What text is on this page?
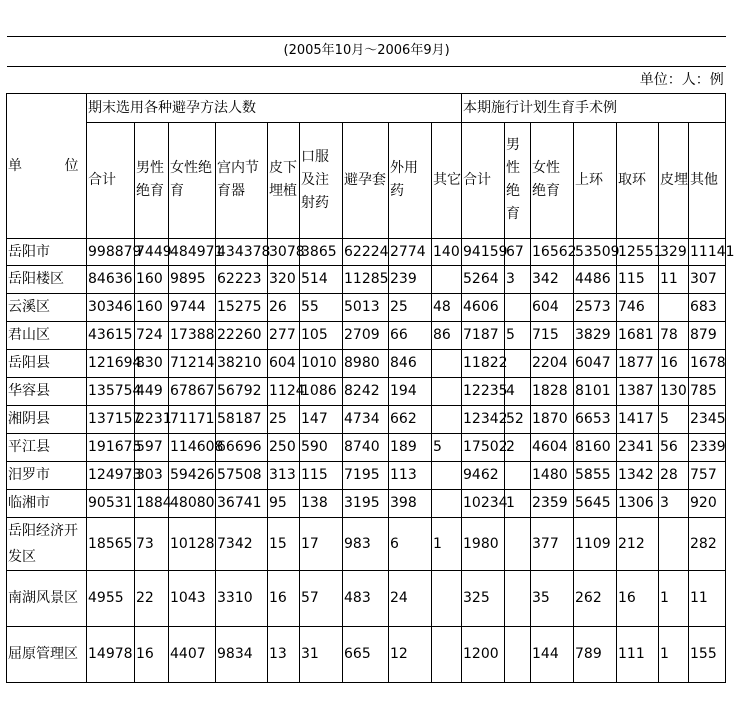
(2005年10月～2006年9月)																
单位：人：例																
单 位	期末选用各种避孕方法人数									本期施行计划生育手术例						
	合计	男性绝育	女性绝育	宫内节育器	皮下埋植	口服及注射药	避孕套	外用药	其它	合计	男性绝育	女性绝育	上环	取环	皮埋	其他
岳阳市	998879	7449	484971	434378	3078	3865	62224	2774	140	94159	67	16562	53509	12551	329	11141
岳阳楼区	84636	160	9895	62223	320	514	11285	239		5264	3	342	4486	115	11	307
云溪区	30346	160	9744	15275	26	55	5013	25	48	4606		604	2573	746		683
君山区	43615	724	17388	22260	277	105	2709	66	86	7187	5	715	3829	1681	78	879
岳阳县	121694	830	71214	38210	604	1010	8980	846		11822		2204	6047	1877	16	1678
华容县	135754	449	67867	56792	1124	1086	8242	194		12235	4	1828	8101	1387	130	785
湘阴县	137157	2231	71171	58187	25	147	4734	662		12342	52	1870	6653	1417	5	2345
平江县	191675	597	114608	66696	250	590	8740	189	5	17502	2	4604	8160	2341	56	2339
汨罗市	124973	303	59426	57508	313	115	7195	113		9462		1480	5855	1342	28	757
临湘市	90531	1884	48080	36741	95	138	3195	398		10234	1	2359	5645	1306	3	920
岳阳经济开发区	18565	73	10128	7342	15	17	983	6	1	1980		377	1109	212		282
南湖风景区	4955	22	1043	3310	16	57	483	24		325		35	262	16	1	11
屈原管理区	14978	16	4407	9834	13	31	665	12		1200		144	789	111	1	155
